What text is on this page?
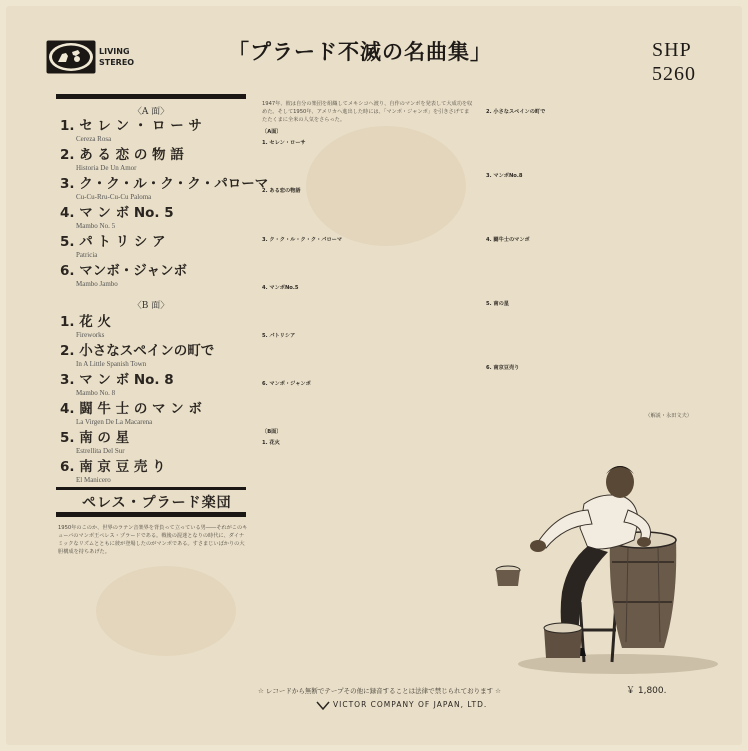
LIVING
STEREO	「プラード不滅の名曲集」	SHP
5260
〈A 面〉
1. セ レ ン ・ ロ ー サ
Cereza Rosa
2. あ る 恋 の 物 語
Historia De Un Amor
3. ク・ク・ル・ク・ク・パローマ
Cu-Cu-Rru-Cu-Cu Paloma
4. マ ン ボ No. 5
Mambo No. 5
5. パ ト リ シ ア
Patricia
6. マンボ・ジャンボ
Mambo Jambo
〈B 面〉
1. 花 火
Fireworks
2. 小さなスペインの町で
In A Little Spanish Town
3. マ ン ボ No. 8
Mambo No. 8
4. 闘 牛 士 の マ ン ボ
La Virgen De La Macarena
5. 南 の 星
Estrellita Del Sur
6. 南 京 豆 売 り
El Manicero
ペレス・プラード楽団
1950年のこのか、世界のラテン音楽界を背負って立っている男――それがこのキューバのマンボ王ペレス・プラードである。戦後の混迷となりの時代に、ダイナミックなリズムとともに彼が登場したのがマンボである。すさまじいばかりの大胆構成を持ちあげた。
1947年、彼は自分の楽団を組織してメキシコへ渡り、自作のマンボを発表して大成功を収めた。そして1950年、アメリカへ進出した時には、「マンボ・ジャンボ」を引きさげてまたたくまに全米の人気をさらった。
〔A面〕
1. セレン・ローサ
2. ある恋の物語
3. ク・ク・ル・ク・ク・パローマ
4. マンボNo.5
5. パトリシア
6. マンボ・ジャンボ
〔B面〕
1. 花火
2. 小さなスペインの町で
3. マンボNo.8
4. 闘牛士のマンボ
5. 南の星
6. 南京豆売り
（解説・永田文夫）
￥ 1,800.
☆ レコードから無断でテープその他に録音することは法律で禁じられております ☆
VICTOR COMPANY OF JAPAN, LTD.
